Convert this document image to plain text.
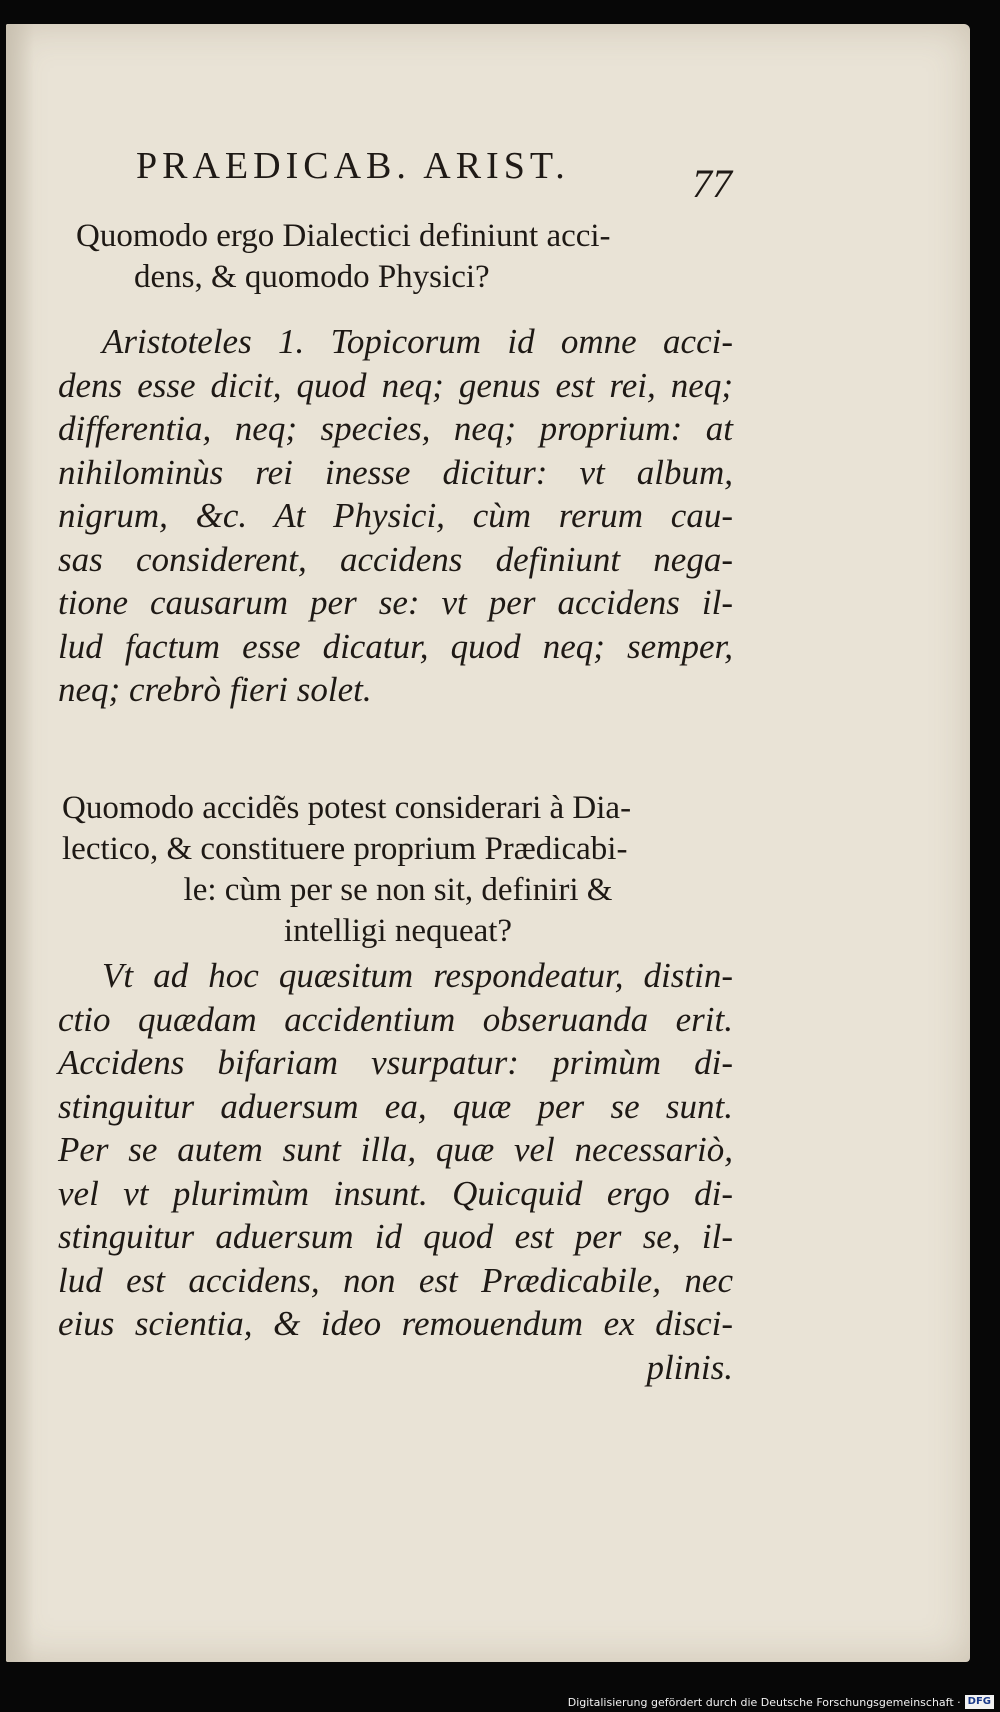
PRAEDICAB. ARIST.	77
Quomodo ergo Dialectici definiunt acci-
dens, & quomodo Physici?
Aristoteles 1. Topicorum id omne acci-
dens esse dicit, quod neq; genus est rei, neq;
differentia, neq; species, neq; proprium: at
nihilominùs rei inesse dicitur: vt album,
nigrum, &c. At Physici, cùm rerum cau-
sas considerent, accidens definiunt nega-
tione causarum per se: vt per accidens il-
lud factum esse dicatur, quod neq; semper,
neq; crebrò fieri solet.
Quomodo accidẽs potest considerari à Dia-
lectico, & constituere proprium Prædicabi-
le: cùm per se non sit, definiri &
intelligi nequeat?
Vt ad hoc quæsitum respondeatur, distin-
ctio quædam accidentium obseruanda erit.
Accidens bifariam vsurpatur: primùm di-
stinguitur aduersum ea, quæ per se sunt.
Per se autem sunt illa, quæ vel necessariò,
vel vt plurimùm insunt. Quicquid ergo di-
stinguitur aduersum id quod est per se, il-
lud est accidens, non est Prædicabile, nec
eius scientia, & ideo remouendum ex disci-
plinis.
Digitalisierung gefördert durch die Deutsche Forschungsgemeinschaft · DFG
